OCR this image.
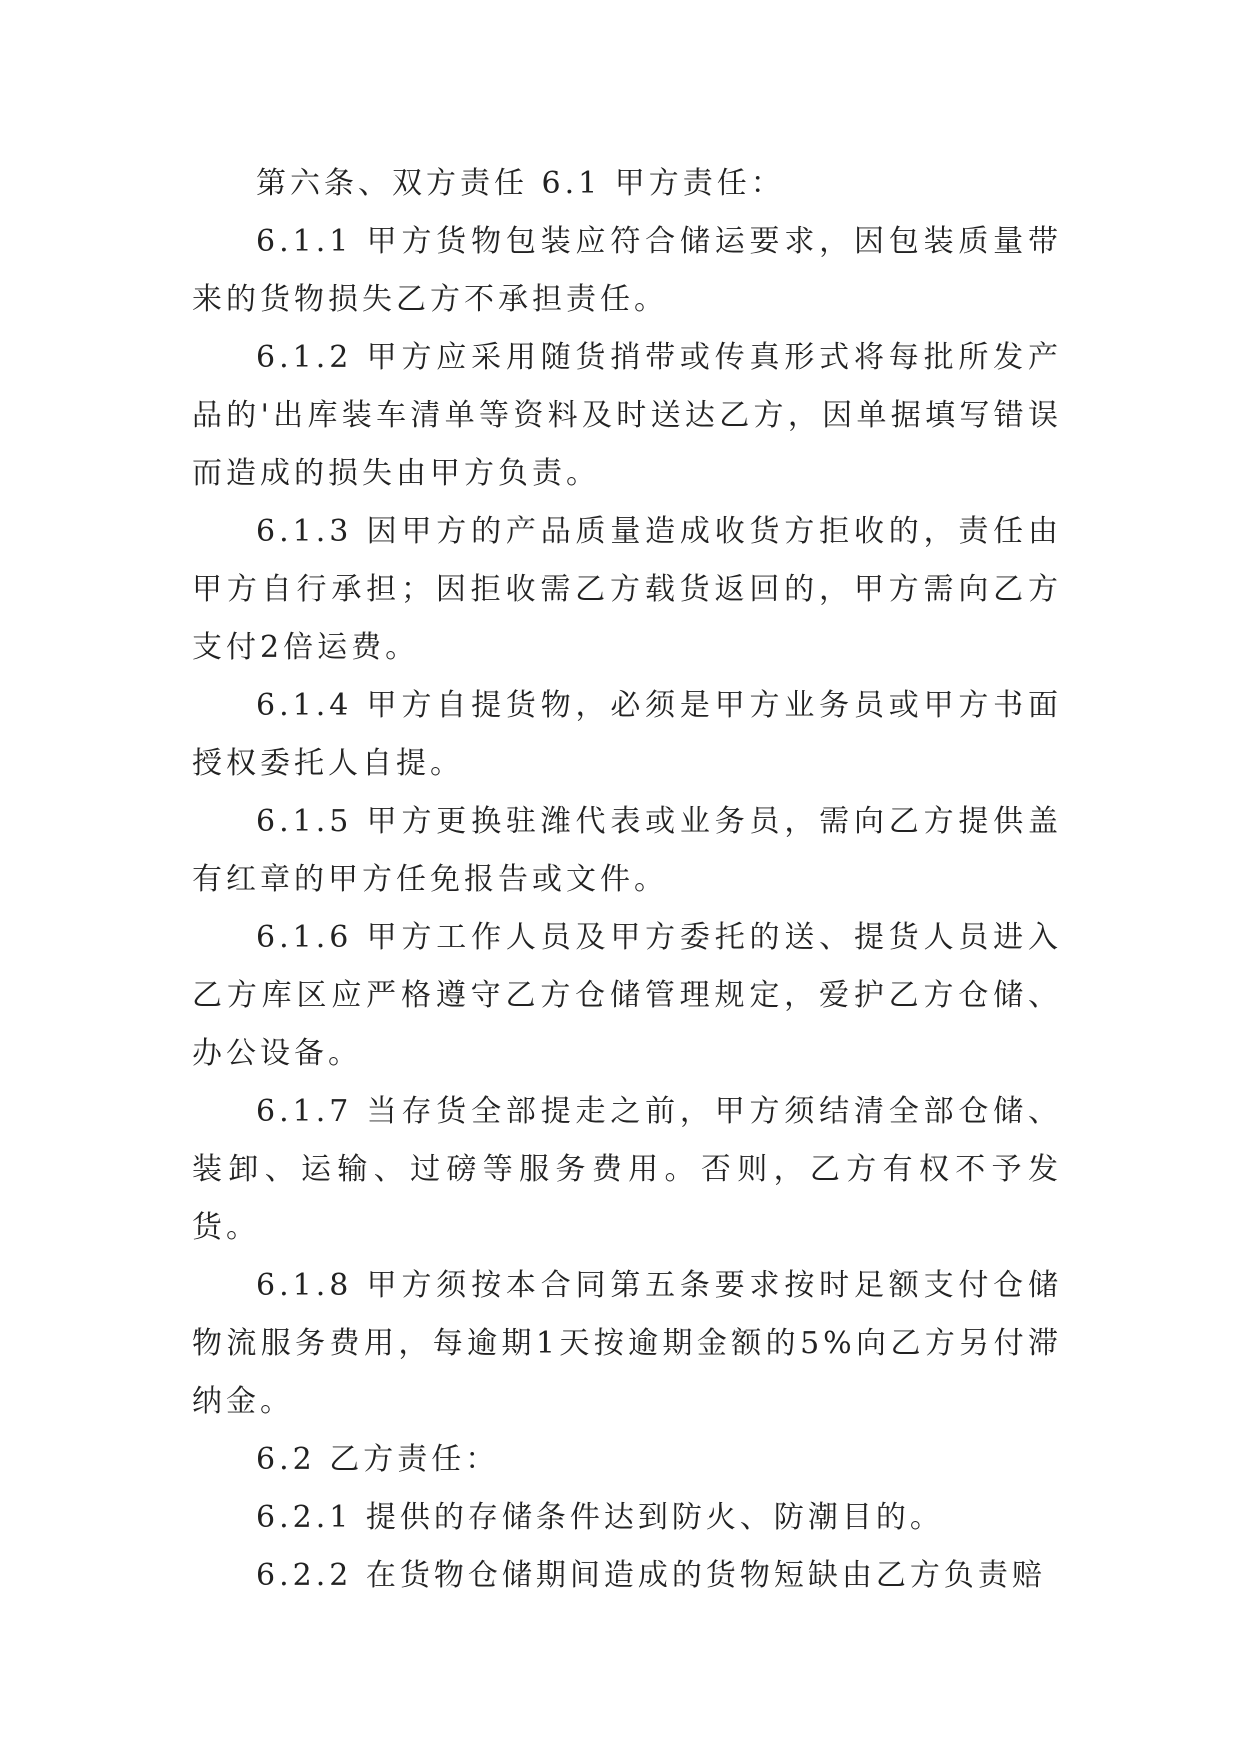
第六条、双方责任 6.1 甲方责任：

6.1.1 甲方货物包装应符合储运要求，因包装质量带来的货物损失乙方不承担责任。

6.1.2 甲方应采用随货捎带或传真形式将每批所发产品的'出库装车清单等资料及时送达乙方，因单据填写错误而造成的损失由甲方负责。

6.1.3 因甲方的产品质量造成收货方拒收的，责任由甲方自行承担；因拒收需乙方载货返回的，甲方需向乙方支付2倍运费。

6.1.4 甲方自提货物，必须是甲方业务员或甲方书面授权委托人自提。

6.1.5 甲方更换驻潍代表或业务员，需向乙方提供盖有红章的甲方任免报告或文件。

6.1.6 甲方工作人员及甲方委托的送、提货人员进入乙方库区应严格遵守乙方仓储管理规定，爱护乙方仓储、办公设备。

6.1.7 当存货全部提走之前，甲方须结清全部仓储、装卸、运输、过磅等服务费用。否则，乙方有权不予发货。

6.1.8 甲方须按本合同第五条要求按时足额支付仓储物流服务费用，每逾期1天按逾期金额的5%向乙方另付滞纳金。

6.2 乙方责任：

6.2.1 提供的存储条件达到防火、防潮目的。

6.2.2 在货物仓储期间造成的货物短缺由乙方负责赔
